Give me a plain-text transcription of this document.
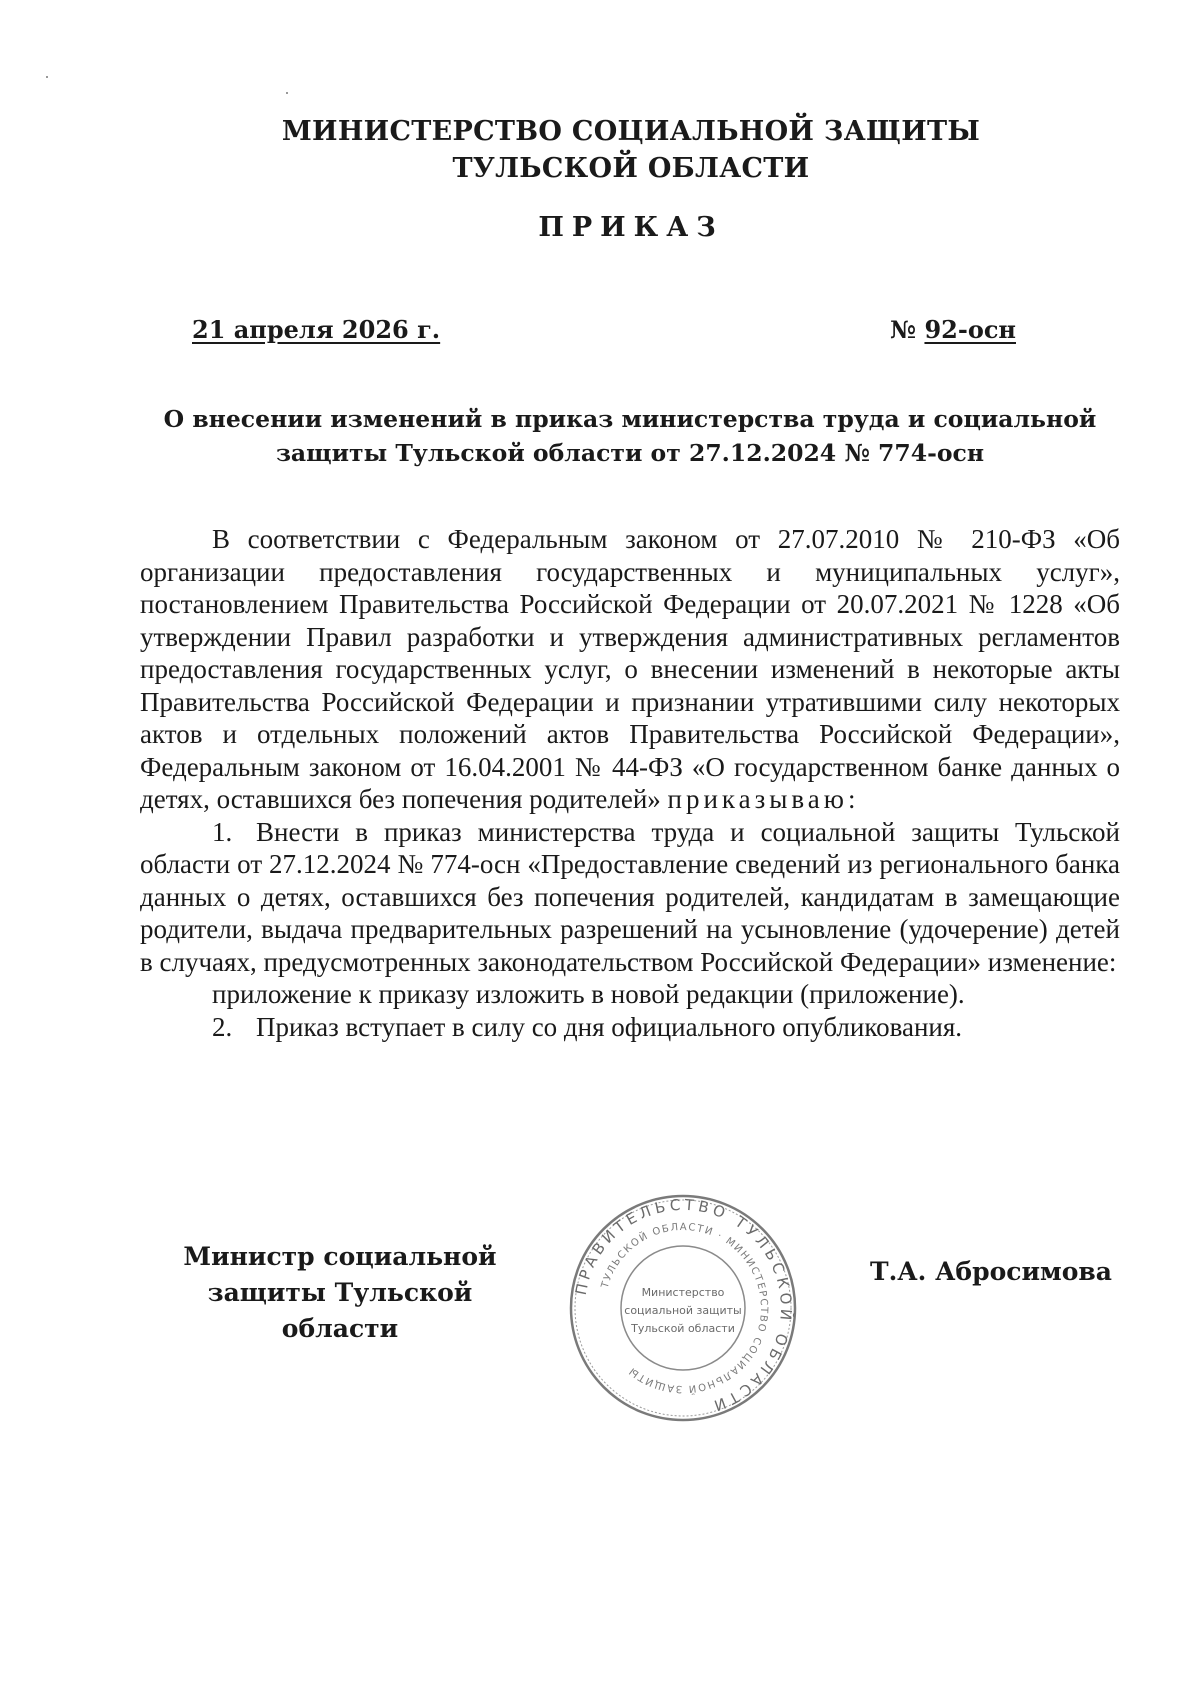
МИНИСТЕРСТВО СОЦИАЛЬНОЙ ЗАЩИТЫ
ТУЛЬСКОЙ ОБЛАСТИ
ПРИКАЗ
21 апреля 2026 г.	№ 92-осн
О внесении изменений в приказ министерства труда и социальной защиты Тульской области от 27.12.2024 № 774-осн

В соответствии с Федеральным законом от 27.07.2010 № 210-ФЗ «Об организации предоставления государственных и муниципальных услуг», постановлением Правительства Российской Федерации от 20.07.2021 № 1228 «Об утверждении Правил разработки и утверждения административных регламентов предоставления государственных услуг, о внесении изменений в некоторые акты Правительства Российской Федерации и признании утратившими силу некоторых актов и отдельных положений актов Правительства Российской Федерации», Федеральным законом от 16.04.2001 № 44-ФЗ «О государственном банке данных о детях, оставшихся без попечения родителей» приказываю:

1. Внести в приказ министерства труда и социальной защиты Тульской области от 27.12.2024 № 774-осн «Предоставление сведений из регионального банка данных о детях, оставшихся без попечения родителей, кандидатам в замещающие родители, выдача предварительных разрешений на усыновление (удочерение) детей в случаях, предусмотренных законодательством Российской Федерации» изменение:

приложение к приказу изложить в новой редакции (приложение).

2. Приказ вступает в силу со дня официального опубликования.

Министр социальной
защиты Тульской области
Т.А. Абросимова
ПРАВИТЕЛЬСТВО ТУЛЬСКОЙ ОБЛАСТИ
ТУЛЬСКОЙ ОБЛАСТИ · МИНИСТЕРСТВО СОЦИАЛЬНОЙ ЗАЩИТЫ
Министерство
социальной защиты
Тульской области
